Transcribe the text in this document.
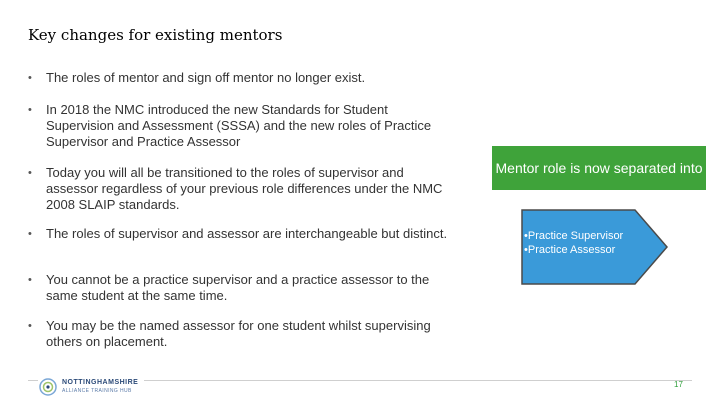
Key changes for existing mentors
•	The roles of mentor and sign off mentor no longer exist.
•	In 2018 the NMC introduced the new Standards for Student Supervision and Assessment (SSSA) and the new roles of Practice Supervisor and Practice Assessor
•	Today you will all be transitioned to the roles of supervisor and assessor regardless of your previous role differences under the NMC 2008 SLAIP standards.
•	The roles of supervisor and assessor are interchangeable but distinct.
•	You cannot be a practice supervisor and a practice assessor to the same student at the same time.
•	You may be the named assessor for one student whilst supervising others on placement.
Mentor role is now separated into
•Practice Supervisor
•Practice Assessor
NOTTINGHAMSHIRE
ALLIANCE TRAINING HUB
17
